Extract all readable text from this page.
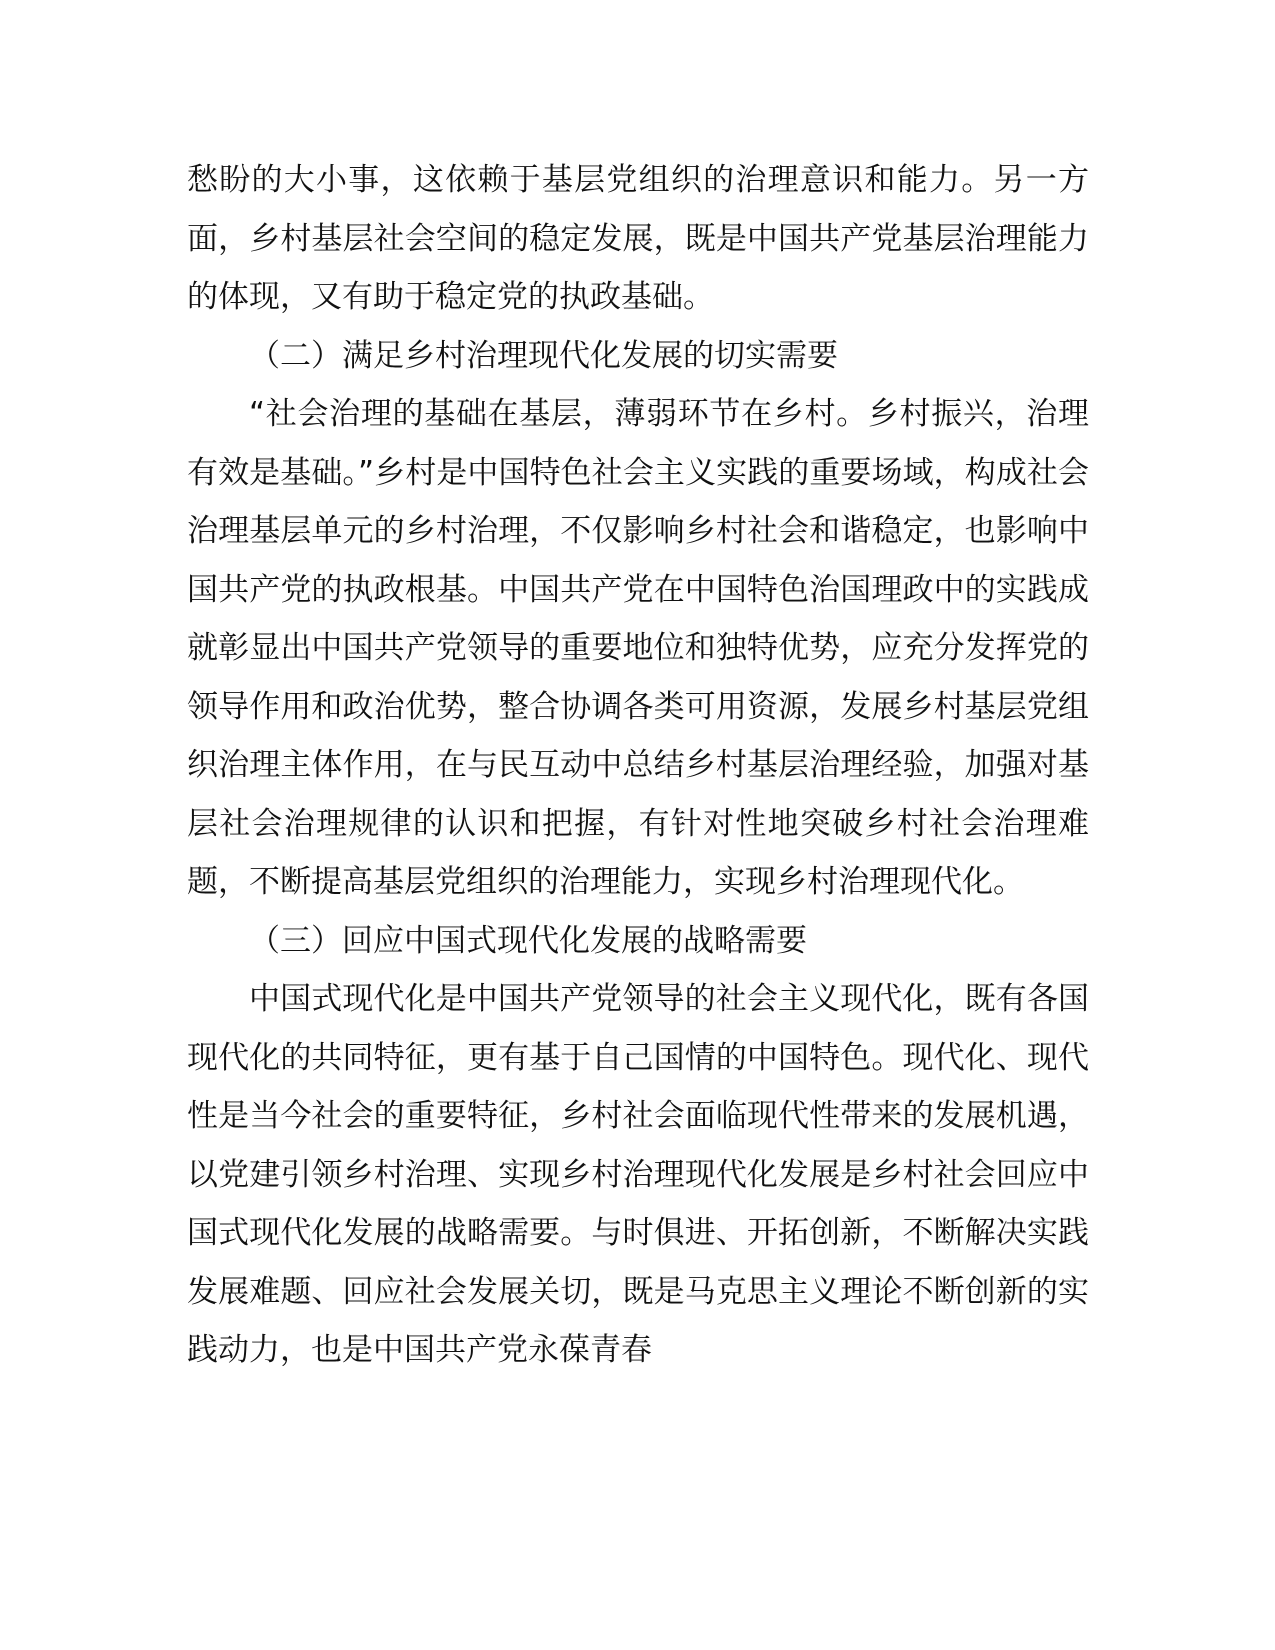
愁盼的大小事，这依赖于基层党组织的治理意识和能力。另一方面，乡村基层社会空间的稳定发展，既是中国共产党基层治理能力的体现，又有助于稳定党的执政基础。

（二）满足乡村治理现代化发展的切实需要

“社会治理的基础在基层，薄弱环节在乡村。乡村振兴，治理有效是基础。”乡村是中国特色社会主义实践的重要场域，构成社会治理基层单元的乡村治理，不仅影响乡村社会和谐稳定，也影响中国共产党的执政根基。中国共产党在中国特色治国理政中的实践成就彰显出中国共产党领导的重要地位和独特优势，应充分发挥党的领导作用和政治优势，整合协调各类可用资源，发展乡村基层党组织治理主体作用，在与民互动中总结乡村基层治理经验，加强对基层社会治理规律的认识和把握，有针对性地突破乡村社会治理难题，不断提高基层党组织的治理能力，实现乡村治理现代化。

（三）回应中国式现代化发展的战略需要

中国式现代化是中国共产党领导的社会主义现代化，既有各国现代化的共同特征，更有基于自己国情的中国特色。现代化、现代性是当今社会的重要特征，乡村社会面临现代性带来的发展机遇，以党建引领乡村治理、实现乡村治理现代化发展是乡村社会回应中国式现代化发展的战略需要。与时俱进、开拓创新，不断解决实践发展难题、回应社会发展关切，既是马克思主义理论不断创新的实践动力，也是中国共产党永葆青春
